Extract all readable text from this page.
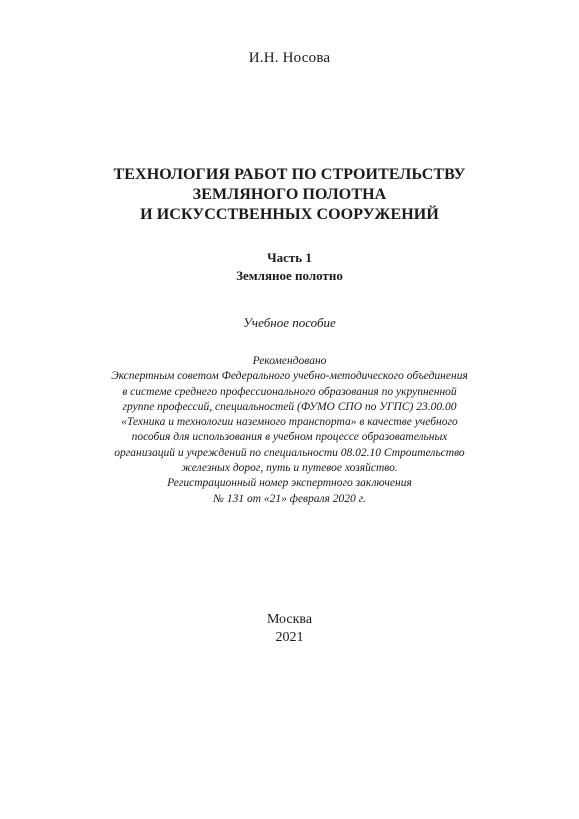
И.Н. Носова
ТЕХНОЛОГИЯ РАБОТ ПО СТРОИТЕЛЬСТВУ
ЗЕМЛЯНОГО ПОЛОТНА
И ИСКУССТВЕННЫХ СООРУЖЕНИЙ
Часть 1
Земляное полотно
Учебное пособие
Рекомендовано
Экспертным советом Федерального учебно-методического объединения
в системе среднего профессионального образования по укрупненной
группе профессий, специальностей (ФУМО СПО по УГПС) 23.00.00
«Техника и технологии наземного транспорта» в качестве учебного
пособия для использования в учебном процессе образовательных
организаций и учреждений по специальности 08.02.10 Строительство
железных дорог, путь и путевое хозяйство.
Регистрационный номер экспертного заключения
№ 131 от «21» февраля 2020 г.
Москва
2021
